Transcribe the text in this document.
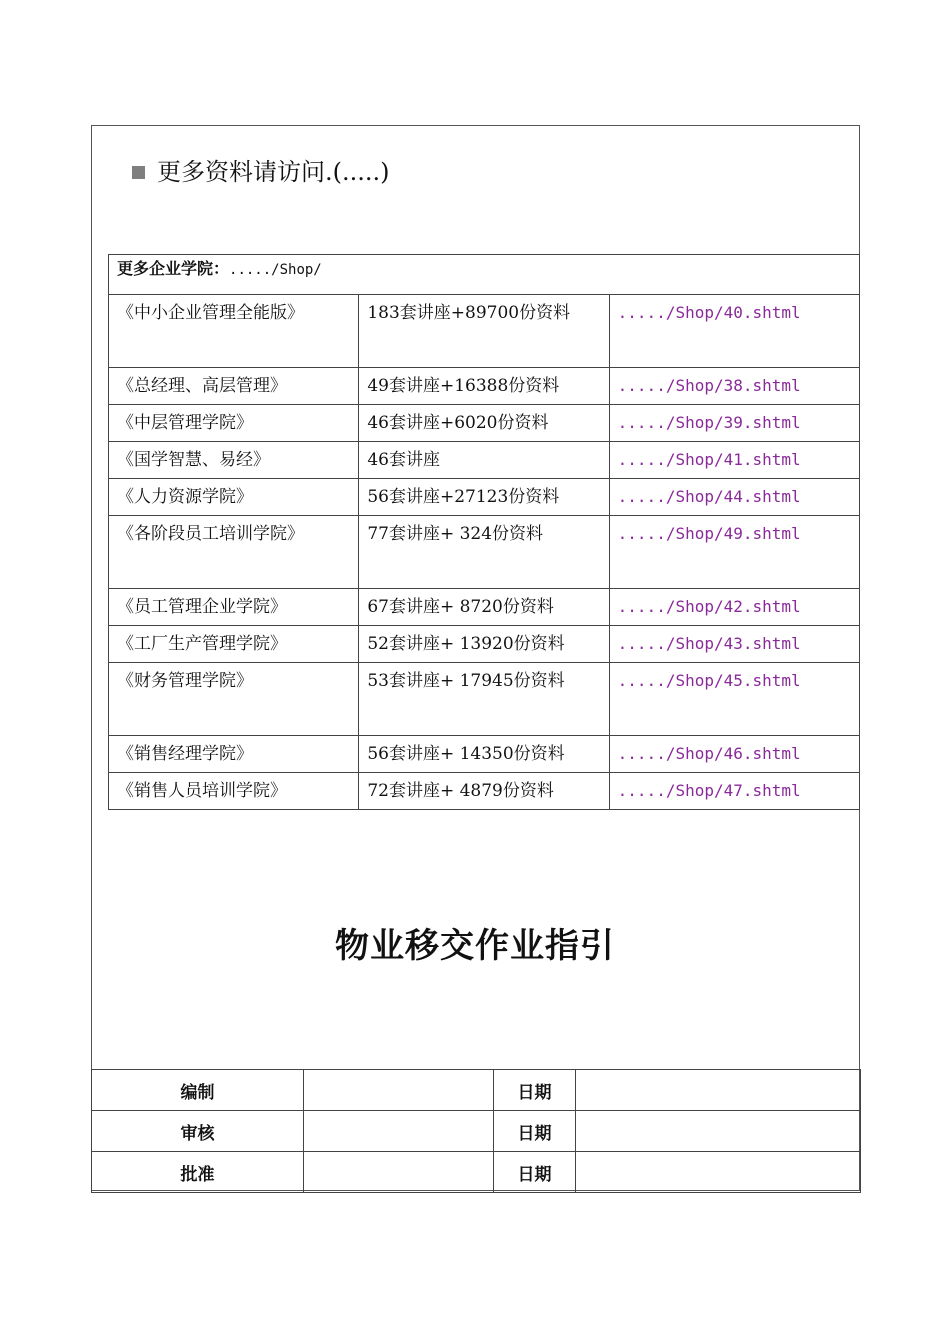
更多资料请访问.(.....)
更多企业学院：...../Shop/		
《中小企业管理全能版》	183套讲座+89700份资料	...../Shop/40.shtml
《总经理、高层管理》	49套讲座+16388份资料	...../Shop/38.shtml
《中层管理学院》	46套讲座+6020份资料	...../Shop/39.shtml
《国学智慧、易经》	46套讲座	...../Shop/41.shtml
《人力资源学院》	56套讲座+27123份资料	...../Shop/44.shtml
《各阶段员工培训学院》	77套讲座+ 324份资料	...../Shop/49.shtml
《员工管理企业学院》	67套讲座+ 8720份资料	...../Shop/42.shtml
《工厂生产管理学院》	52套讲座+ 13920份资料	...../Shop/43.shtml
《财务管理学院》	53套讲座+ 17945份资料	...../Shop/45.shtml
《销售经理学院》	56套讲座+ 14350份资料	...../Shop/46.shtml
《销售人员培训学院》	72套讲座+ 4879份资料	...../Shop/47.shtml
物业移交作业指引
编制		日期	
审核		日期	
批准		日期	
